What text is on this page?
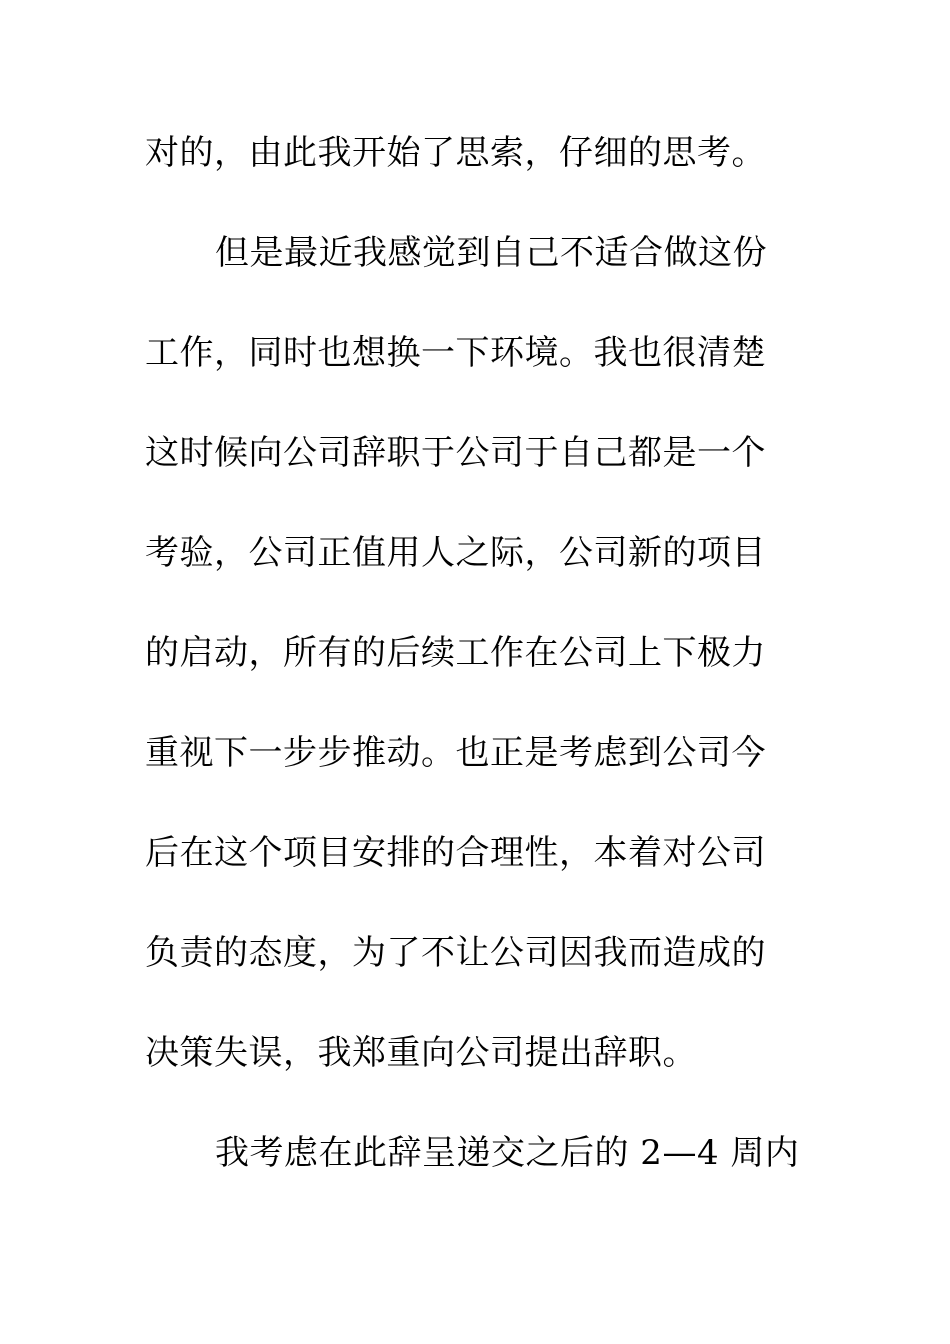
对的，由此我开始了思索，仔细的思考。
但是最近我感觉到自己不适合做这份
工作，同时也想换一下环境。我也很清楚
这时候向公司辞职于公司于自己都是一个
考验，公司正值用人之际，公司新的项目
的启动，所有的后续工作在公司上下极力
重视下一步步推动。也正是考虑到公司今
后在这个项目安排的合理性，本着对公司
负责的态度，为了不让公司因我而造成的
决策失误，我郑重向公司提出辞职。
我考虑在此辞呈递交之后的 2—4 周内
